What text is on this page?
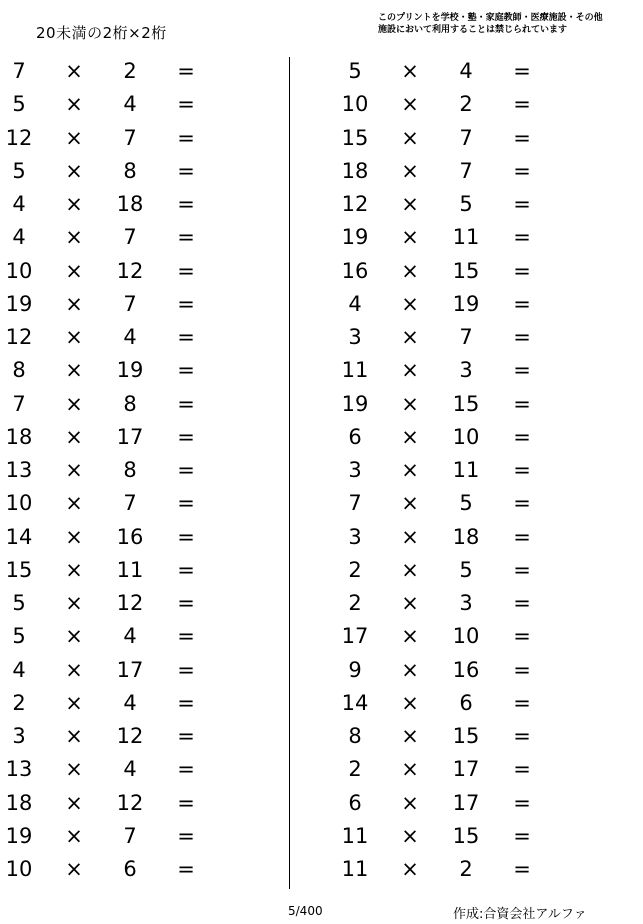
20未満の2桁×2桁
このプリントを学校・塾・家庭教師・医療施設・その他
施設において利用することは禁じられています
7	×	2	=
5	×	4	=
12 ×	7	=
5	×	8	=
4	×	18	=
4	×	7	=
10 ×	12	=
19 ×	7	=
12 ×	4	=
8	×	19	=
7	×	8	=
18 ×	17	=
13 ×	8	=
10 ×	7	=
14 ×	16	=
15 ×	11	=
5	×	12	=
5	×	4	=
4	×	17	=
2	×	4	=
3	×	12	=
13 ×	4	=
18 ×	12	=
19 ×	7	=
10 ×	6	=
5	×	4	=
10 ×	2	=
15 ×	7	=
18 ×	7	=
12 ×	5	=
19 ×	11	=
16 ×	15	=
4	×	19	=
3	×	7	=
11 ×	3	=
19 ×	15	=
6	×	10	=
3	×	11	=
7	×	5	=
3	×	18	=
2	×	5	=
2	×	3	=
17 ×	10	=
9	×	16	=
14 ×	6	=
8	×	15	=
2	×	17	=
6	×	17	=
11 ×	15	=
11 ×	2	=
5/400	作成:合資会社アルファ
